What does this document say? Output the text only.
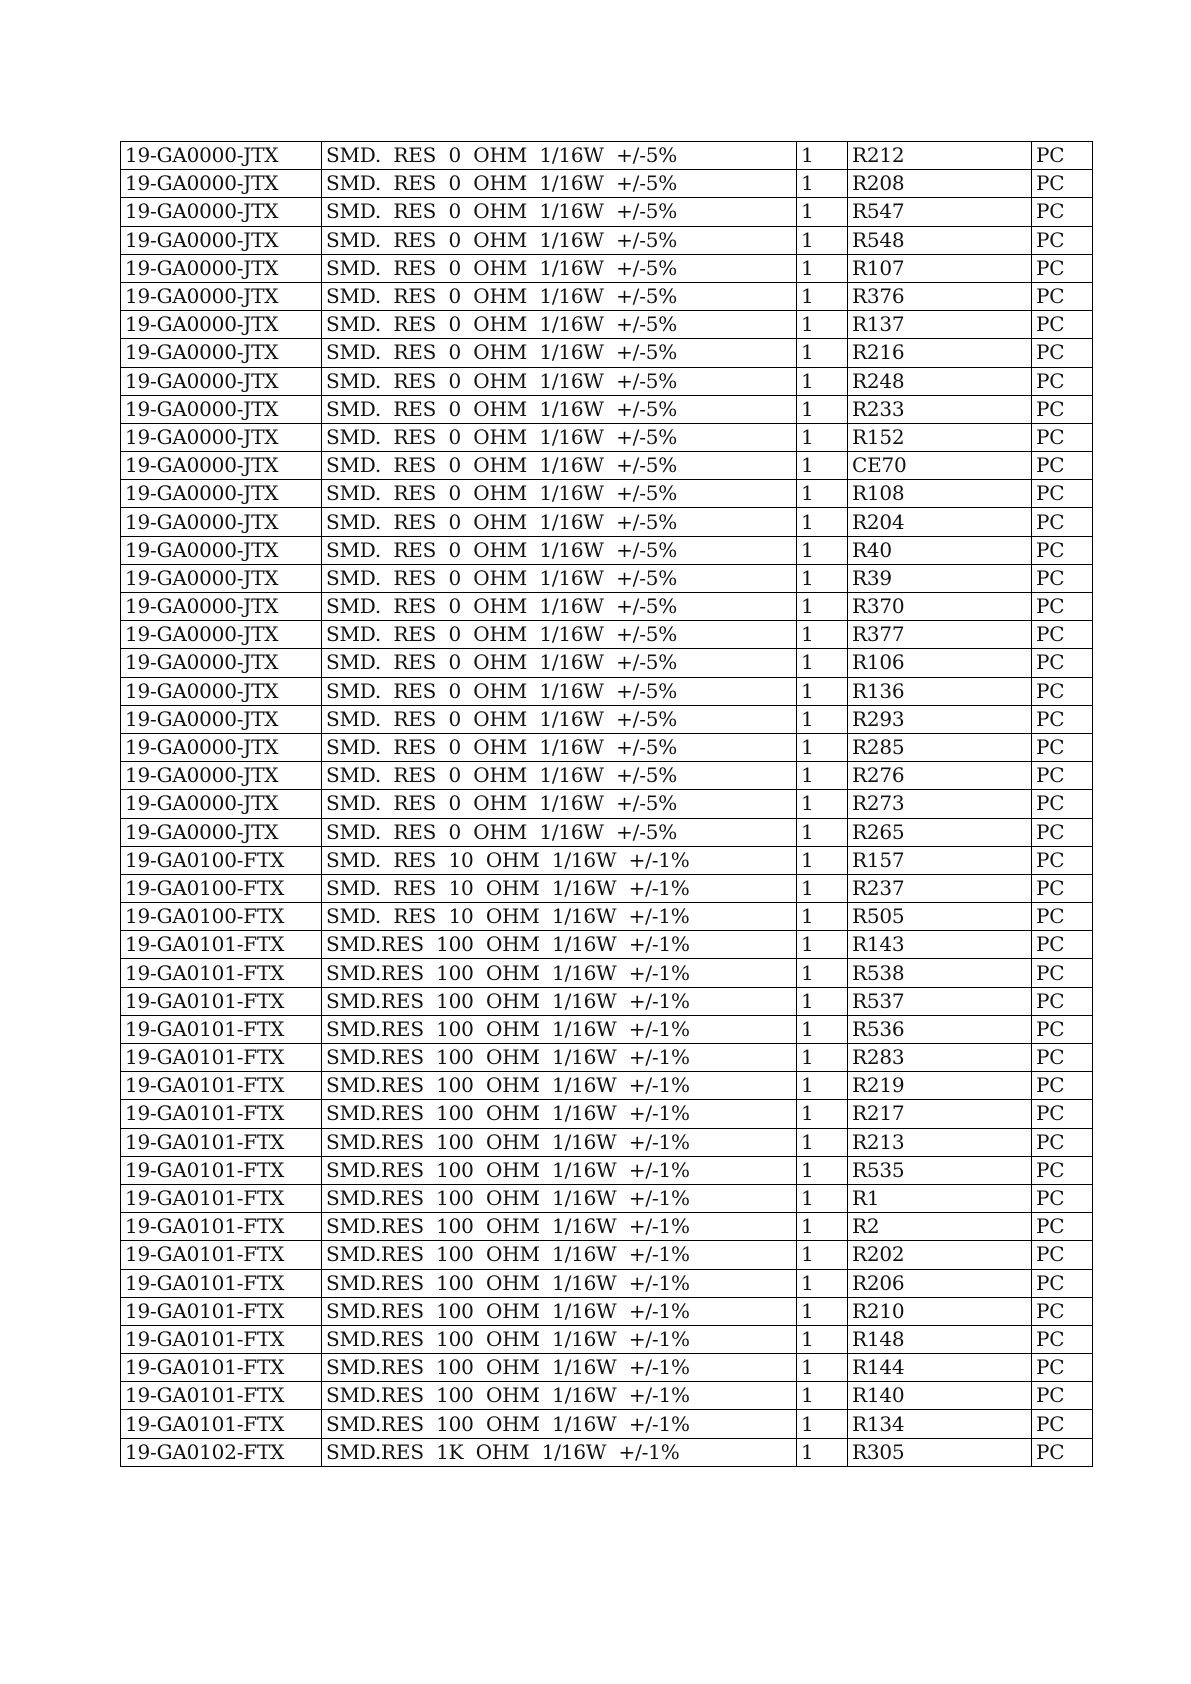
19-GA0000-JTX	SMD.  RES  0  OHM  1/16W  +/-5%	1	R212	PC
19-GA0000-JTX	SMD.  RES  0  OHM  1/16W  +/-5%	1	R208	PC
19-GA0000-JTX	SMD.  RES  0  OHM  1/16W  +/-5%	1	R547	PC
19-GA0000-JTX	SMD.  RES  0  OHM  1/16W  +/-5%	1	R548	PC
19-GA0000-JTX	SMD.  RES  0  OHM  1/16W  +/-5%	1	R107	PC
19-GA0000-JTX	SMD.  RES  0  OHM  1/16W  +/-5%	1	R376	PC
19-GA0000-JTX	SMD.  RES  0  OHM  1/16W  +/-5%	1	R137	PC
19-GA0000-JTX	SMD.  RES  0  OHM  1/16W  +/-5%	1	R216	PC
19-GA0000-JTX	SMD.  RES  0  OHM  1/16W  +/-5%	1	R248	PC
19-GA0000-JTX	SMD.  RES  0  OHM  1/16W  +/-5%	1	R233	PC
19-GA0000-JTX	SMD.  RES  0  OHM  1/16W  +/-5%	1	R152	PC
19-GA0000-JTX	SMD.  RES  0  OHM  1/16W  +/-5%	1	CE70	PC
19-GA0000-JTX	SMD.  RES  0  OHM  1/16W  +/-5%	1	R108	PC
19-GA0000-JTX	SMD.  RES  0  OHM  1/16W  +/-5%	1	R204	PC
19-GA0000-JTX	SMD.  RES  0  OHM  1/16W  +/-5%	1	R40	PC
19-GA0000-JTX	SMD.  RES  0  OHM  1/16W  +/-5%	1	R39	PC
19-GA0000-JTX	SMD.  RES  0  OHM  1/16W  +/-5%	1	R370	PC
19-GA0000-JTX	SMD.  RES  0  OHM  1/16W  +/-5%	1	R377	PC
19-GA0000-JTX	SMD.  RES  0  OHM  1/16W  +/-5%	1	R106	PC
19-GA0000-JTX	SMD.  RES  0  OHM  1/16W  +/-5%	1	R136	PC
19-GA0000-JTX	SMD.  RES  0  OHM  1/16W  +/-5%	1	R293	PC
19-GA0000-JTX	SMD.  RES  0  OHM  1/16W  +/-5%	1	R285	PC
19-GA0000-JTX	SMD.  RES  0  OHM  1/16W  +/-5%	1	R276	PC
19-GA0000-JTX	SMD.  RES  0  OHM  1/16W  +/-5%	1	R273	PC
19-GA0000-JTX	SMD.  RES  0  OHM  1/16W  +/-5%	1	R265	PC
19-GA0100-FTX	SMD.  RES  10  OHM  1/16W  +/-1%	1	R157	PC
19-GA0100-FTX	SMD.  RES  10  OHM  1/16W  +/-1%	1	R237	PC
19-GA0100-FTX	SMD.  RES  10  OHM  1/16W  +/-1%	1	R505	PC
19-GA0101-FTX	SMD.RES  100  OHM  1/16W  +/-1%	1	R143	PC
19-GA0101-FTX	SMD.RES  100  OHM  1/16W  +/-1%	1	R538	PC
19-GA0101-FTX	SMD.RES  100  OHM  1/16W  +/-1%	1	R537	PC
19-GA0101-FTX	SMD.RES  100  OHM  1/16W  +/-1%	1	R536	PC
19-GA0101-FTX	SMD.RES  100  OHM  1/16W  +/-1%	1	R283	PC
19-GA0101-FTX	SMD.RES  100  OHM  1/16W  +/-1%	1	R219	PC
19-GA0101-FTX	SMD.RES  100  OHM  1/16W  +/-1%	1	R217	PC
19-GA0101-FTX	SMD.RES  100  OHM  1/16W  +/-1%	1	R213	PC
19-GA0101-FTX	SMD.RES  100  OHM  1/16W  +/-1%	1	R535	PC
19-GA0101-FTX	SMD.RES  100  OHM  1/16W  +/-1%	1	R1	PC
19-GA0101-FTX	SMD.RES  100  OHM  1/16W  +/-1%	1	R2	PC
19-GA0101-FTX	SMD.RES  100  OHM  1/16W  +/-1%	1	R202	PC
19-GA0101-FTX	SMD.RES  100  OHM  1/16W  +/-1%	1	R206	PC
19-GA0101-FTX	SMD.RES  100  OHM  1/16W  +/-1%	1	R210	PC
19-GA0101-FTX	SMD.RES  100  OHM  1/16W  +/-1%	1	R148	PC
19-GA0101-FTX	SMD.RES  100  OHM  1/16W  +/-1%	1	R144	PC
19-GA0101-FTX	SMD.RES  100  OHM  1/16W  +/-1%	1	R140	PC
19-GA0101-FTX	SMD.RES  100  OHM  1/16W  +/-1%	1	R134	PC
19-GA0102-FTX	SMD.RES  1K  OHM  1/16W  +/-1%	1	R305	PC
